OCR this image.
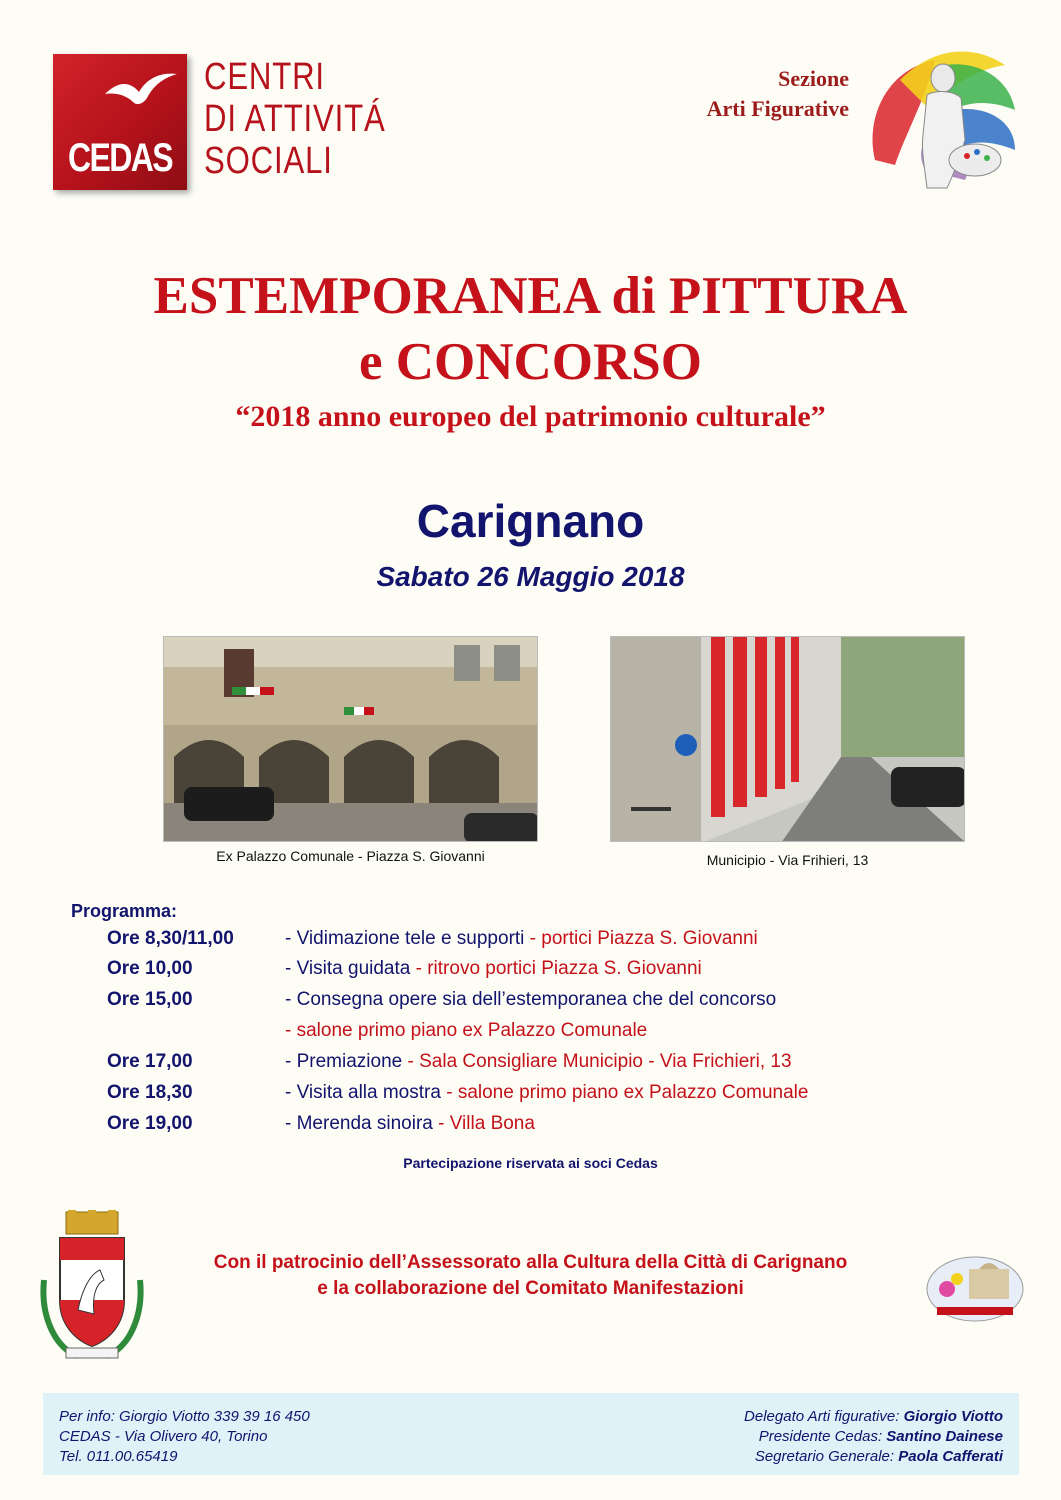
CEDAS
CENTRI
DI ATTIVITÁ
SOCIALI
Sezione
Arti Figurative
ESTEMPORANEA di PITTURA
e CONCORSO
“2018 anno europeo del patrimonio culturale”
Carignano
Sabato 26 Maggio 2018
Ex Palazzo Comunale - Piazza S. Giovanni	Municipio - Via Frihieri, 13
Programma:
Ore 8,30/11,00	- Vidimazione tele e supporti - portici Piazza S. Giovanni
Ore 10,00	- Visita guidata - ritrovo portici Piazza S. Giovanni
Ore 15,00	- Consegna opere sia dell’estemporanea che del concorso
- salone primo piano ex Palazzo Comunale
Ore 17,00	- Premiazione - Sala Consigliare Municipio - Via Frichieri, 13
Ore 18,30	- Visita alla mostra - salone primo piano ex Palazzo Comunale
Ore 19,00	- Merenda sinoira - Villa Bona
Partecipazione riservata ai soci Cedas
Con il patrocinio dell’Assessorato alla Cultura della Città di Carignano
e la collaborazione del Comitato Manifestazioni
Per info: Giorgio Viotto 339 39 16 450
CEDAS - Via Olivero 40, Torino
Tel. 011.00.65419
Delegato Arti figurative: Giorgio Viotto
Presidente Cedas: Santino Dainese
Segretario Generale: Paola Cafferati
